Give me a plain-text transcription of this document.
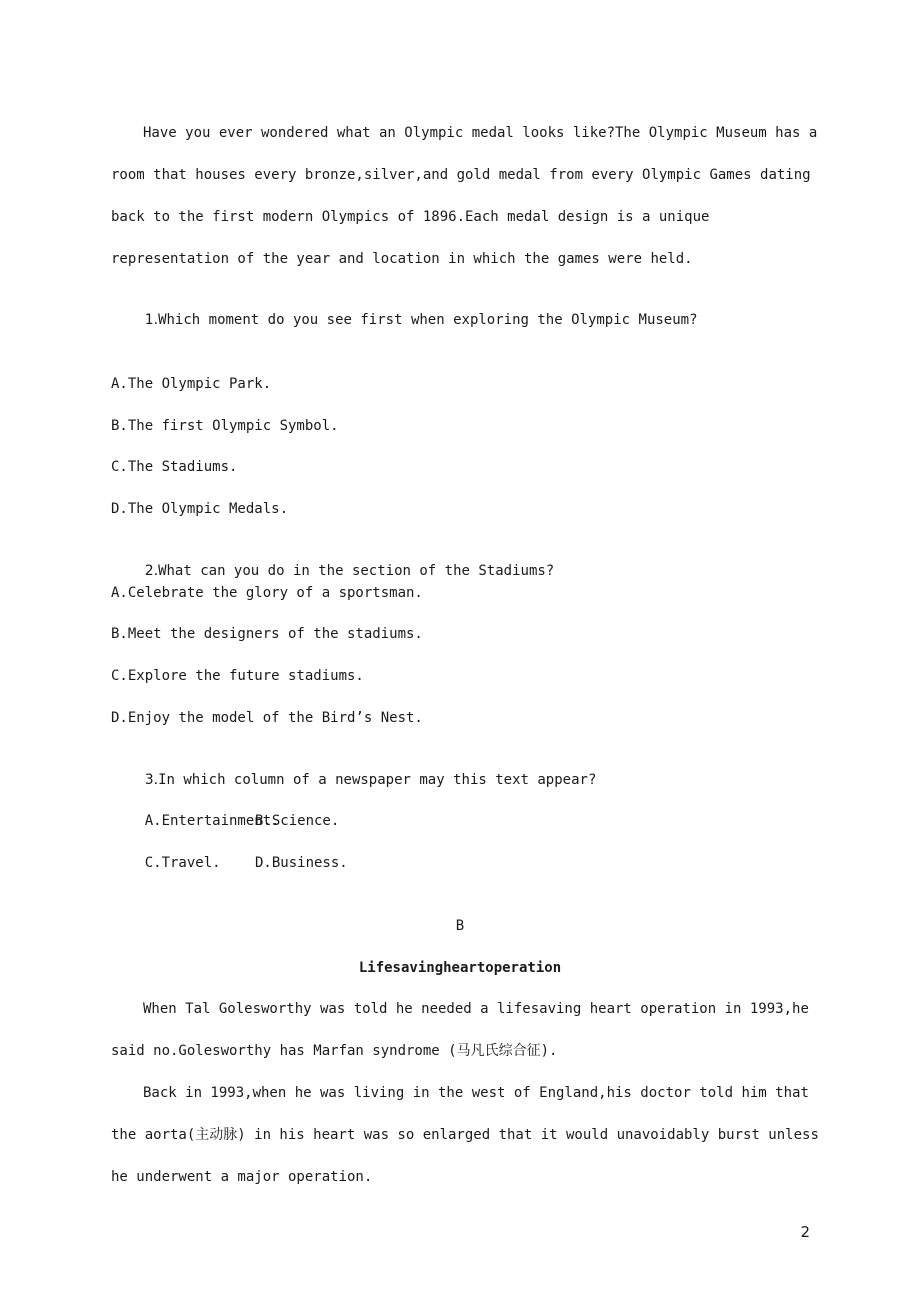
Have you ever wondered what an Olympic medal looks like?The Olympic Museum has a
room that houses every bronze,silver,and gold medal from every Olympic Games dating
back to the first modern Olympics of 1896.Each medal design is a unique
representation of the year and location in which the games were held.

1.Which moment do you see first when exploring the Olympic Museum?

A.The Olympic Park.
B.The first Olympic Symbol.
C.The Stadiums.
D.The Olympic Medals.

2.What can you do in the section of the Stadiums?

A.Celebrate the glory of a sportsman.
B.Meet the designers of the stadiums.
C.Explore the future stadiums.
D.Enjoy the model of the Bird’s Nest.

3.In which column of a newspaper may this text appear?

A.Entertainment.
B.Science.

C.Travel. D.Business.

B
Lifesavingheartoperation
When Tal Golesworthy was told he needed a lifesaving heart operation in 1993,he
said no.Golesworthy has Marfan syndrome (马凡氏综合征).
Back in 1993,when he was living in the west of England,his doctor told him that
the aorta(主动脉) in his heart was so enlarged that it would unavoidably burst unless
he underwent a major operation.
2
